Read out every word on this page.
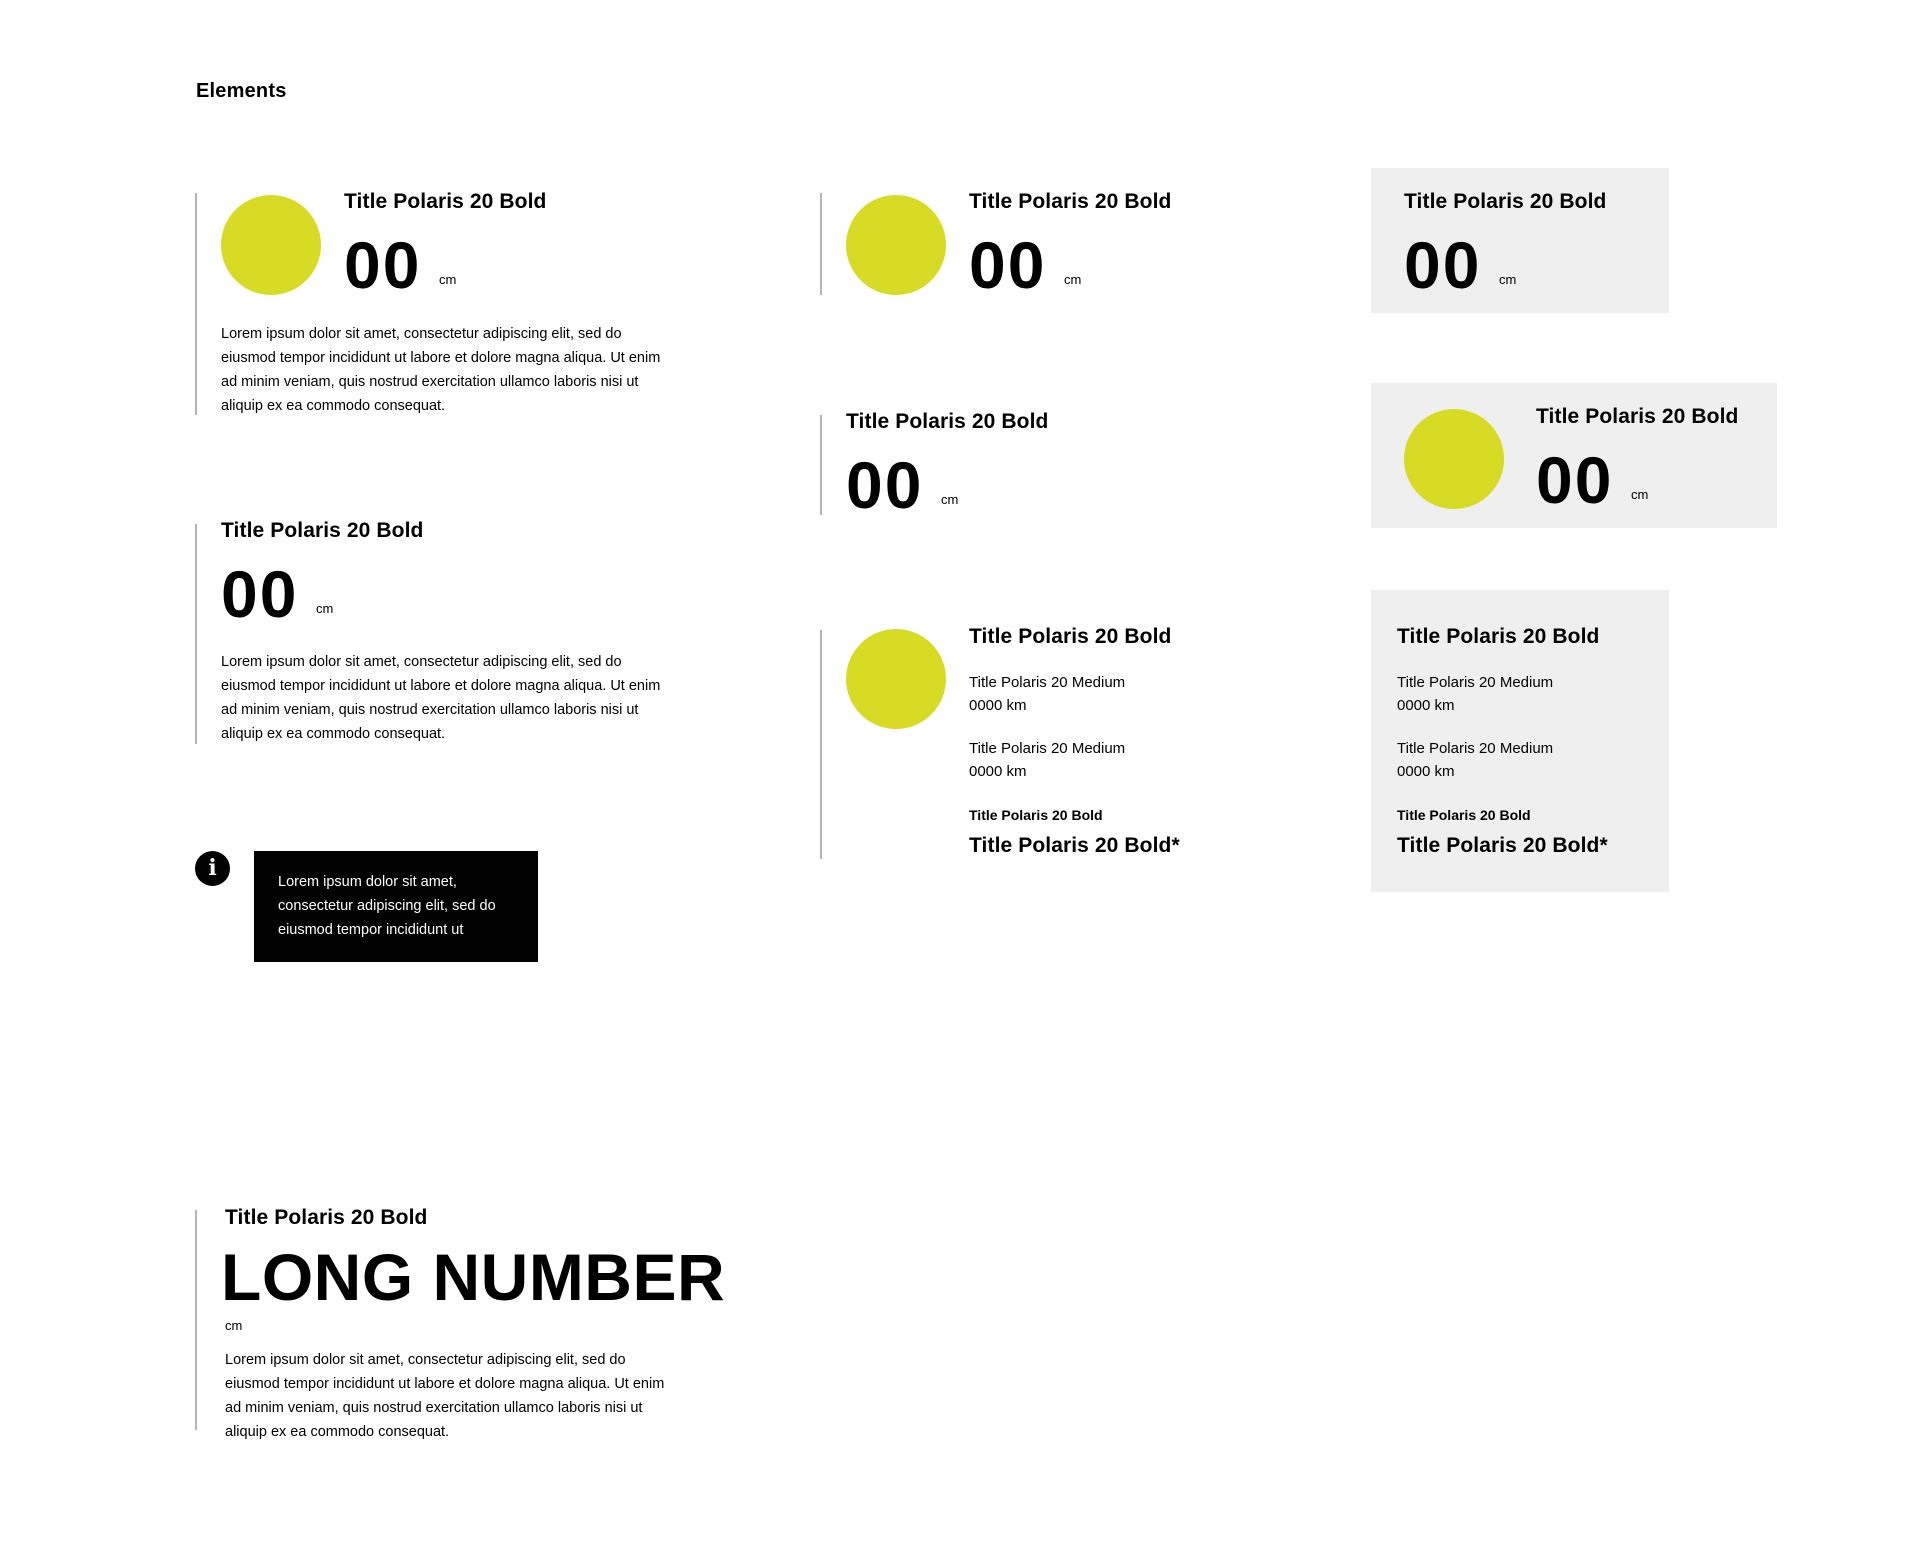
Elements
Title Polaris 20 Bold
00 cm
Lorem ipsum dolor sit amet, consectetur adipiscing elit, sed do eiusmod tempor incididunt ut labore et dolore magna aliqua. Ut enim ad minim veniam, quis nostrud exercitation ullamco laboris nisi ut aliquip ex ea commodo consequat.
Title Polaris 20 Bold
00 cm
Lorem ipsum dolor sit amet, consectetur adipiscing elit, sed do eiusmod tempor incididunt ut labore et dolore magna aliqua. Ut enim ad minim veniam, quis nostrud exercitation ullamco laboris nisi ut aliquip ex ea commodo consequat.
i
Lorem ipsum dolor sit amet, consectetur adipiscing elit, sed do eiusmod tempor incididunt ut
Title Polaris 20 Bold
LONG NUMBER
cm
Lorem ipsum dolor sit amet, consectetur adipiscing elit, sed do eiusmod tempor incididunt ut labore et dolore magna aliqua. Ut enim ad minim veniam, quis nostrud exercitation ullamco laboris nisi ut aliquip ex ea commodo consequat.
Title Polaris 20 Bold
00 cm
Title Polaris 20 Bold
00 cm
Title Polaris 20 Bold
Title Polaris 20 Medium
0000 km
Title Polaris 20 Medium
0000 km
Title Polaris 20 Bold
Title Polaris 20 Bold*
Title Polaris 20 Bold
00 cm
Title Polaris 20 Bold
00 cm
Title Polaris 20 Bold
Title Polaris 20 Medium
0000 km
Title Polaris 20 Medium
0000 km
Title Polaris 20 Bold
Title Polaris 20 Bold*
